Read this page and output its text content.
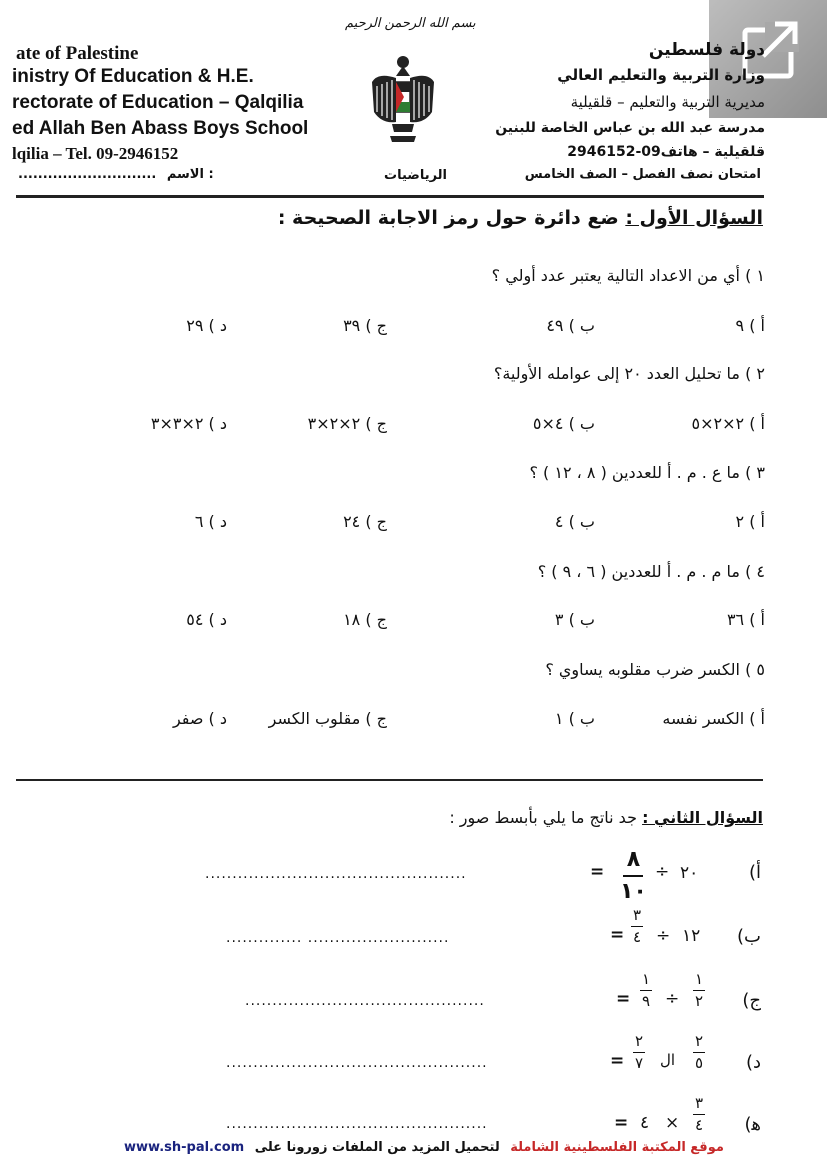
بسم الله الرحمن الرحيم
ate of Palestine
inistry Of Education & H.E.
rectorate of Education – Qalqilia
ed Allah Ben Abass Boys School
lqilia – Tel. 09-2946152
دولة فلسطين
وزارة التربية والتعليم العالي
مديرية التربية والتعليم – قلقيلية
مدرسة عبد الله بن عباس الخاصة للبنين
قلقيلية – هاتف09-2946152
............................ الاسم :	الرياضيات	امتحان نصف الفصل – الصف الخامس
السؤال الأول : ضع دائرة حول رمز الاجابة الصحيحة :
١ ) أي من الاعداد التالية يعتبر عدد أولي ؟
أ ) ٩
ب ) ٤٩
ج ) ٣٩
د ) ٢٩
٢ ) ما تحليل العدد ٢٠ إلى عوامله الأولية؟
أ ) ٢×٢×٥
ب ) ٤×٥
ج ) ٢×٢×٣
د ) ٢×٣×٣
٣ ) ما ع . م . أ للعددين ( ٨ ، ١٢ ) ؟
أ ) ٢
ب ) ٤
ج ) ٢٤
د ) ٦
٤ ) ما م . م . أ للعددين ( ٦ ، ٩ ) ؟
أ ) ٣٦
ب ) ٣
ج ) ١٨
د ) ٥٤
٥ ) الكسر ضرب مقلوبه يساوي ؟
أ ) الكسر نفسه
ب ) ١
ج ) مقلوب الكسر
د ) صفر
السؤال الثاني : جد ناتج ما يلي بأبسط صور :
أ)
٢٠
÷
٨
١٠
=
................................................
ب)
١٢
÷
٣
٤
=
.............. ..........................
ج)
١
٢
÷
١
٩
=
............................................
د)
٢
٥
ال
٢
٧
=
................................................
ﻫ)
٣
٤
×
٤
=
................................................
www.sh-pal.com	موقع المكتبة الفلسطينية الشاملة لتحميل المزيد من الملفات زورونا على
